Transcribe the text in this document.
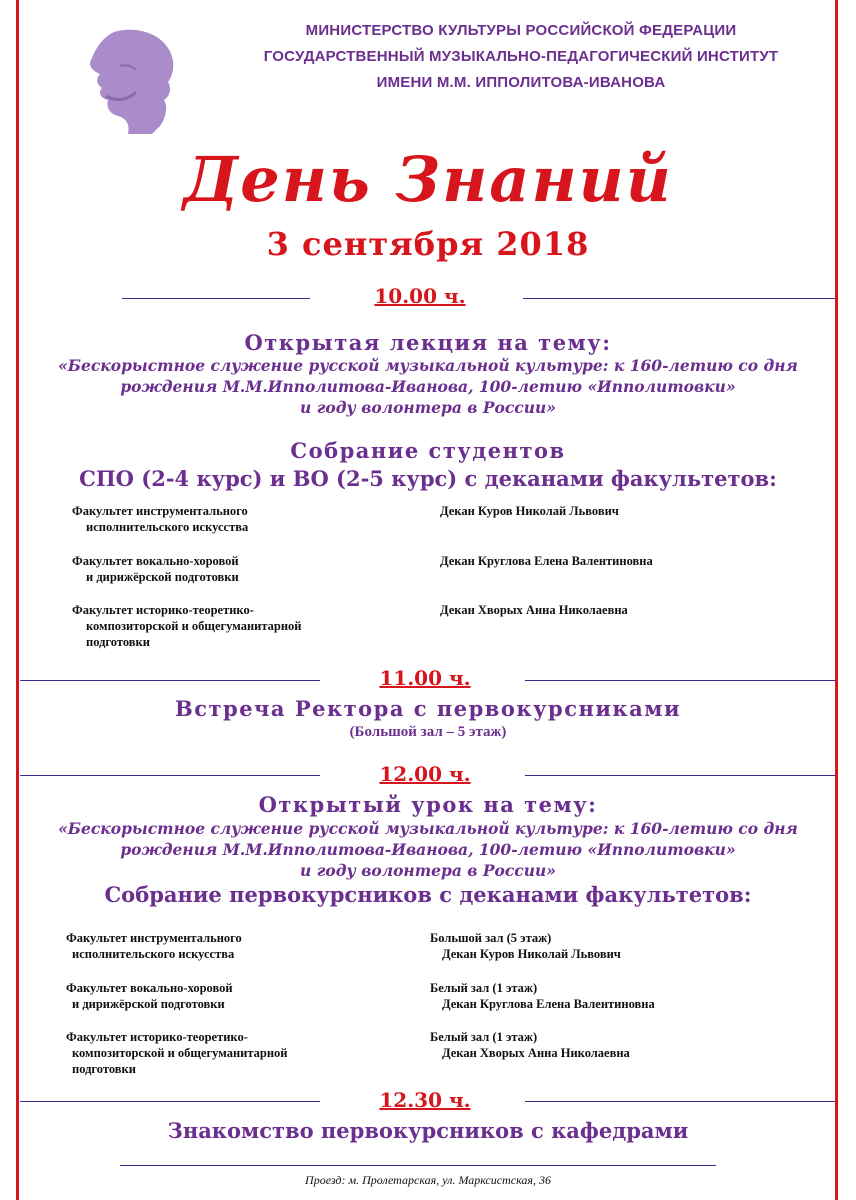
МИНИСТЕРСТВО КУЛЬТУРЫ РОССИЙСКОЙ ФЕДЕРАЦИИ
ГОСУДАРСТВЕННЫЙ МУЗЫКАЛЬНО-ПЕДАГОГИЧЕСКИЙ ИНСТИТУТ
ИМЕНИ М.М. ИППОЛИТОВА-ИВАНОВА
День Знаний
3 сентября 2018
10.00 ч.
Открытая лекция на тему:
«Бескорыстное служение русской музыкальной культуре: к 160-летию со дня
рождения М.М.Ипполитова-Иванова, 100-летию «Ипполитовки»
и году волонтера в России»
Собрание студентов
СПО (2-4 курс) и ВО (2-5 курс) с деканами факультетов:
Факультет инструментального
исполнительского искусства
Декан Куров Николай Львович
Факультет вокально-хоровой
и дирижёрской подготовки
Декан Круглова Елена Валентиновна
Факультет историко-теоретико-
композиторской и общегуманитарной
подготовки
Декан Хворых Анна Николаевна
11.00 ч.
Встреча Ректора с первокурсниками
(Большой зал – 5 этаж)
12.00 ч.
Открытый урок на тему:
«Бескорыстное служение русской музыкальной культуре: к 160-летию со дня
рождения М.М.Ипполитова-Иванова, 100-летию «Ипполитовки»
и году волонтера в России»
Собрание первокурсников с деканами факультетов:
Факультет инструментального
исполнительского искусства
Большой зал (5 этаж)
Декан Куров Николай Львович
Факультет вокально-хоровой
и дирижёрской подготовки
Белый зал (1 этаж)
Декан Круглова Елена Валентиновна
Факультет историко-теоретико-
композиторской и общегуманитарной
подготовки
Белый зал (1 этаж)
Декан Хворых Анна Николаевна
12.30 ч.
Знакомство первокурсников с кафедрами
Проезд: м. Пролетарская, ул. Марксистская, 36
